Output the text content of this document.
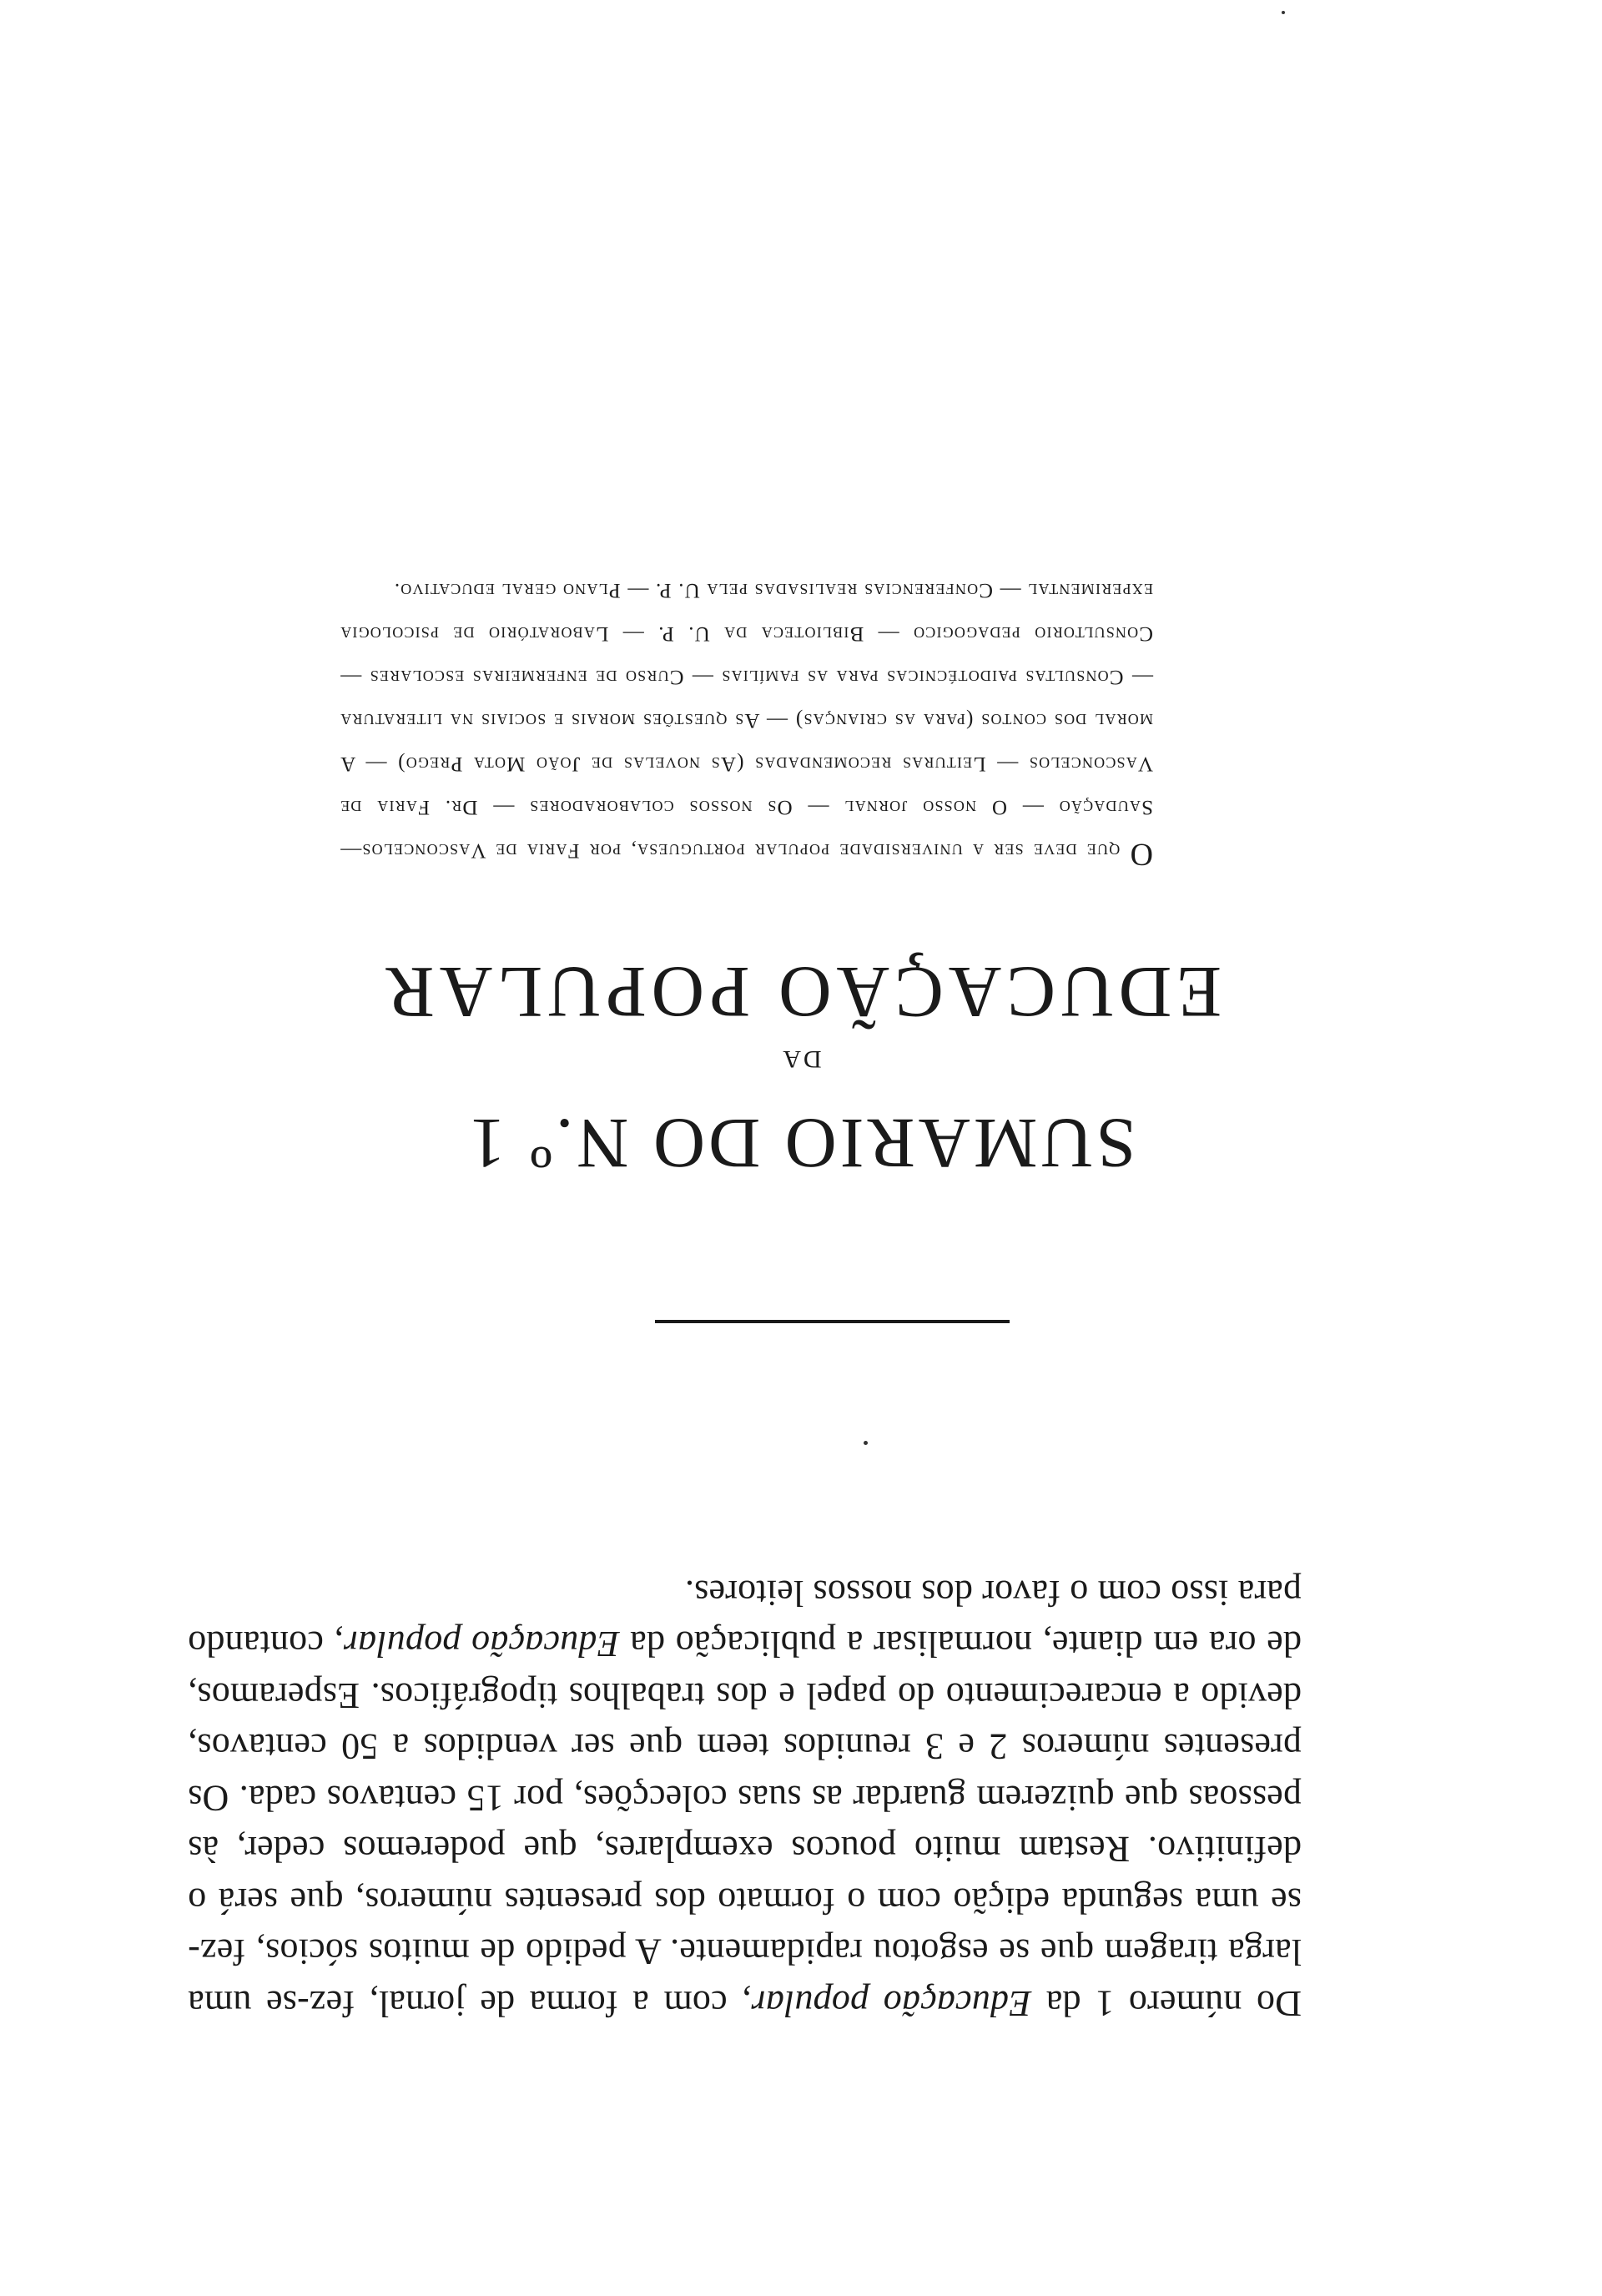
Do número 1 da Educação popular, com a forma de jornal, fez-se uma larga tiragem que se esgotou rapidamente. A pedido de muitos sócios, fez-se uma segunda edição com o formato dos presentes números, que será o definitivo. Restam muito poucos exemplares, que poderemos ceder, às pessoas que quizerem guardar as suas colecções, por 15 centavos cada. Os presentes números 2 e 3 reunidos teem que ser vendidos a 50 centavos, devido a encarecimento do papel e dos trabalhos tipográficos. Esperamos, de ora em diante, normalisar a publicação da Educação popular, contando para isso com o favor dos nossos leitores.

SUMARIO DO N.º 1
DA
EDUCAÇÃO POPULAR

O que deve ser a universidade popular portuguesa, por Faria de Vasconcelos—Saudação — O nosso jornal — Os nossos colaboradores — Dr. Faria de Vasconcelos — Leituras recomendadas (As novelas de João Mota Prego) — A moral dos contos (para as crianças) — As questões morais e sociais na literatura — Consultas paidotécnicas para as famílias — Curso de enfermeiras escolares — Consultorio pedagogico — Biblioteca da U. P. — Laboratório de psicologia experimental — Conferencias realisadas pela U. P. — Plano geral educativo.
